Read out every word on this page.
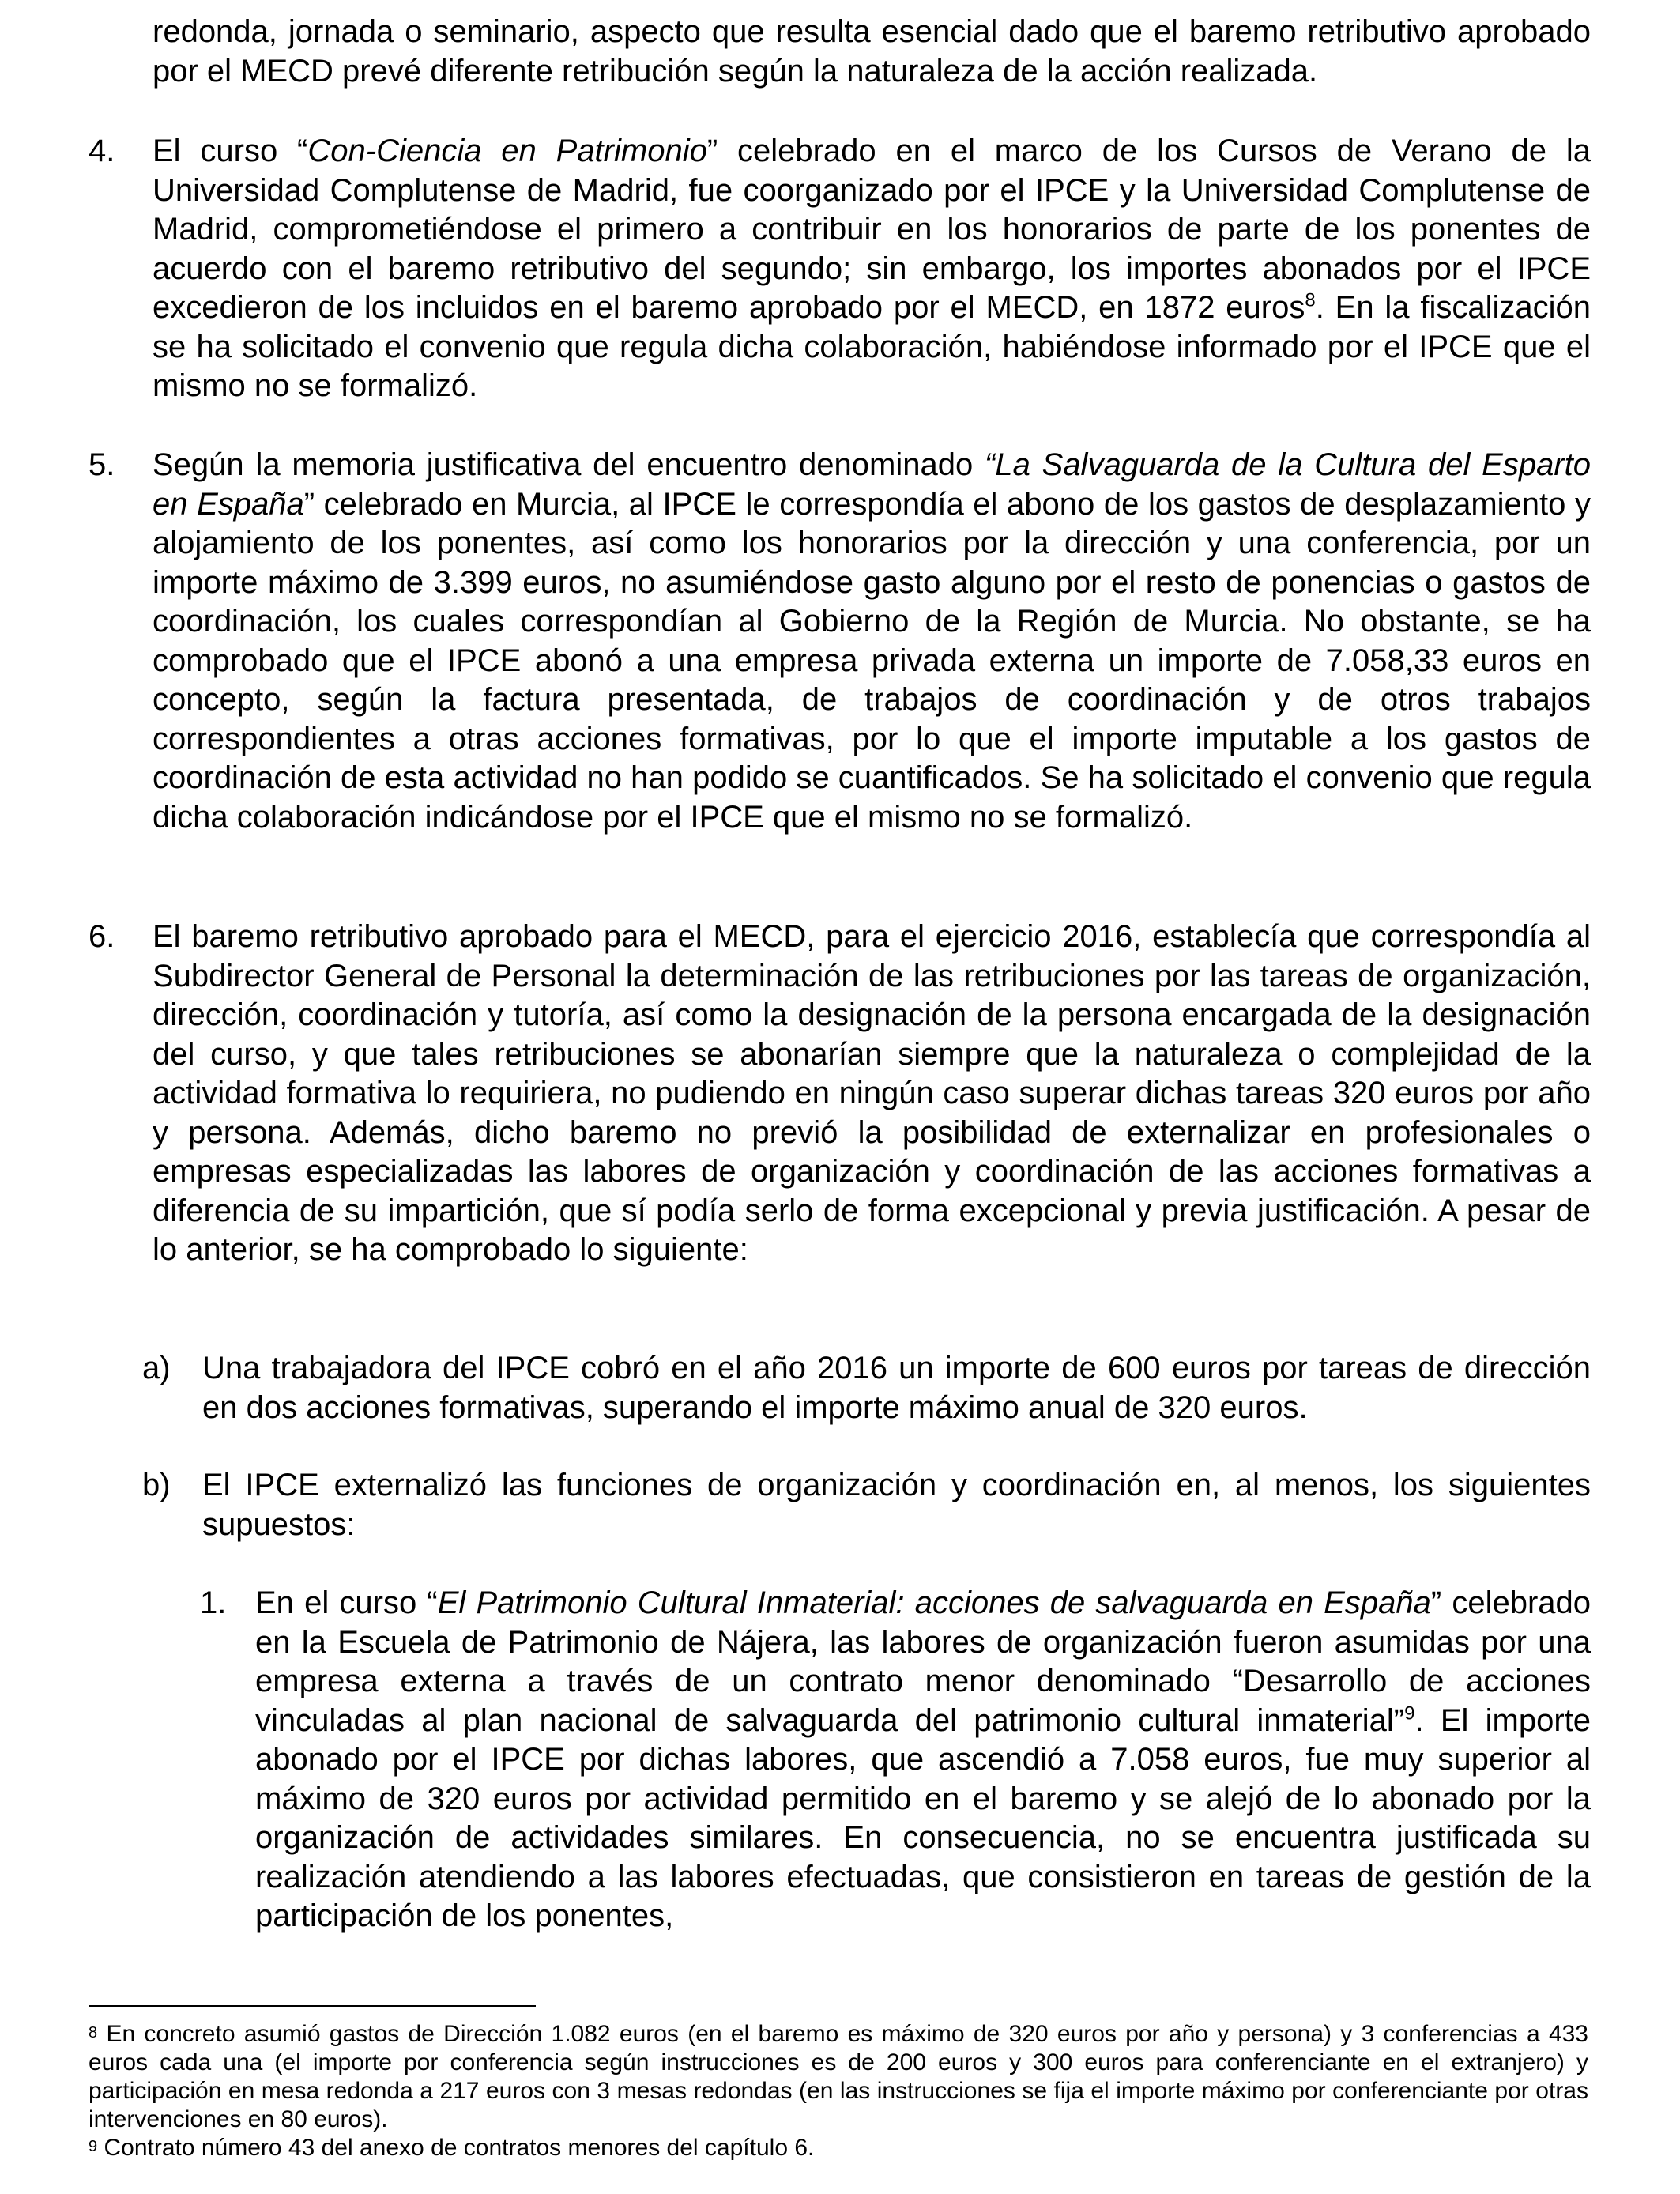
redonda, jornada o seminario, aspecto que resulta esencial dado que el baremo retributivo aprobado por el MECD prevé diferente retribución según la naturaleza de la acción realizada.

4. El curso “Con-Ciencia en Patrimonio” celebrado en el marco de los Cursos de Verano de la Universidad Complutense de Madrid, fue coorganizado por el IPCE y la Universidad Complutense de Madrid, comprometiéndose el primero a contribuir en los honorarios de parte de los ponentes de acuerdo con el baremo retributivo del segundo; sin embargo, los importes abonados por el IPCE excedieron de los incluidos en el baremo aprobado por el MECD, en 1872 euros$^8$. En la fiscalización se ha solicitado el convenio que regula dicha colaboración, habiéndose informado por el IPCE que el mismo no se formalizó.

5. Según la memoria justificativa del encuentro denominado “La Salvaguarda de la Cultura del Esparto en España” celebrado en Murcia, al IPCE le correspondía el abono de los gastos de desplazamiento y alojamiento de los ponentes, así como los honorarios por la dirección y una conferencia, por un importe máximo de 3.399 euros, no asumiéndose gasto alguno por el resto de ponencias o gastos de coordinación, los cuales correspondían al Gobierno de la Región de Murcia. No obstante, se ha comprobado que el IPCE abonó a una empresa privada externa un importe de 7.058,33 euros en concepto, según la factura presentada, de trabajos de coordinación y de otros trabajos correspondientes a otras acciones formativas, por lo que el importe imputable a los gastos de coordinación de esta actividad no han podido se cuantificados. Se ha solicitado el convenio que regula dicha colaboración indicándose por el IPCE que el mismo no se formalizó.

6. El baremo retributivo aprobado para el MECD, para el ejercicio 2016, establecía que correspondía al Subdirector General de Personal la determinación de las retribuciones por las tareas de organización, dirección, coordinación y tutoría, así como la designación de la persona encargada de la designación del curso, y que tales retribuciones se abonarían siempre que la naturaleza o complejidad de la actividad formativa lo requiriera, no pudiendo en ningún caso superar dichas tareas 320 euros por año y persona. Además, dicho baremo no previó la posibilidad de externalizar en profesionales o empresas especializadas las labores de organización y coordinación de las acciones formativas a diferencia de su impartición, que sí podía serlo de forma excepcional y previa justificación. A pesar de lo anterior, se ha comprobado lo siguiente:

a) Una trabajadora del IPCE cobró en el año 2016 un importe de 600 euros por tareas de dirección en dos acciones formativas, superando el importe máximo anual de 320 euros.

b) El IPCE externalizó las funciones de organización y coordinación en, al menos, los siguientes supuestos:

1. En el curso “El Patrimonio Cultural Inmaterial: acciones de salvaguarda en España” celebrado en la Escuela de Patrimonio de Nájera, las labores de organización fueron asumidas por una empresa externa a través de un contrato menor denominado “Desarrollo de acciones vinculadas al plan nacional de salvaguarda del patrimonio cultural inmaterial”$^9$. El importe abonado por el IPCE por dichas labores, que ascendió a 7.058 euros, fue muy superior al máximo de 320 euros por actividad permitido en el baremo y se alejó de lo abonado por la organización de actividades similares. En consecuencia, no se encuentra justificada su realización atendiendo a las labores efectuadas, que consistieron en tareas de gestión de la participación de los ponentes,

$^8$ En concreto asumió gastos de Dirección 1.082 euros (en el baremo es máximo de 320 euros por año y persona) y 3 conferencias a 433 euros cada una (el importe por conferencia según instrucciones es de 200 euros y 300 euros para conferenciante en el extranjero) y participación en mesa redonda a 217 euros con 3 mesas redondas (en las instrucciones se fija el importe máximo por conferenciante por otras intervenciones en 80 euros).

$^9$ Contrato número 43 del anexo de contratos menores del capítulo 6.
